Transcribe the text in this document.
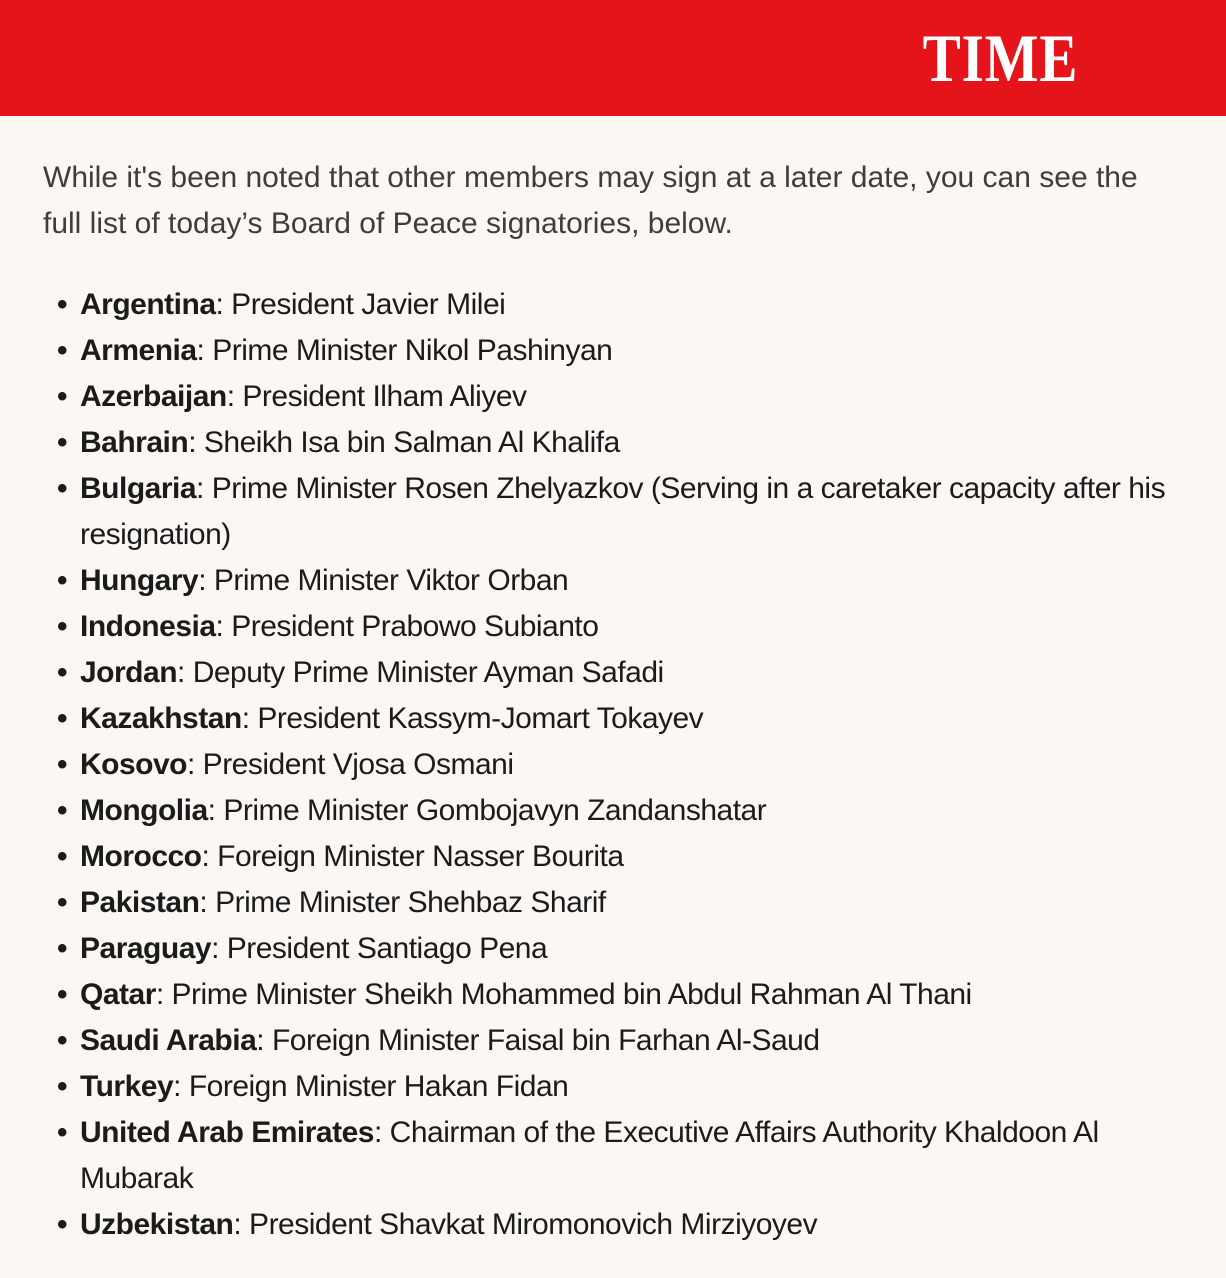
TIME

While it's been noted that other members may sign at a later date, you can see the full list of today’s Board of Peace signatories, below.

• Argentina: President Javier Milei
• Armenia: Prime Minister Nikol Pashinyan
• Azerbaijan: President Ilham Aliyev
• Bahrain: Sheikh Isa bin Salman Al Khalifa
• Bulgaria: Prime Minister Rosen Zhelyazkov (Serving in a caretaker capacity after his resignation)
• Hungary: Prime Minister Viktor Orban
• Indonesia: President Prabowo Subianto
• Jordan: Deputy Prime Minister Ayman Safadi
• Kazakhstan: President Kassym-Jomart Tokayev
• Kosovo: President Vjosa Osmani
• Mongolia: Prime Minister Gombojavyn Zandanshatar
• Morocco: Foreign Minister Nasser Bourita
• Pakistan: Prime Minister Shehbaz Sharif
• Paraguay: President Santiago Pena
• Qatar: Prime Minister Sheikh Mohammed bin Abdul Rahman Al Thani
• Saudi Arabia: Foreign Minister Faisal bin Farhan Al-Saud
• Turkey: Foreign Minister Hakan Fidan
• United Arab Emirates: Chairman of the Executive Affairs Authority Khaldoon Al Mubarak
• Uzbekistan: President Shavkat Miromonovich Mirziyoyev
